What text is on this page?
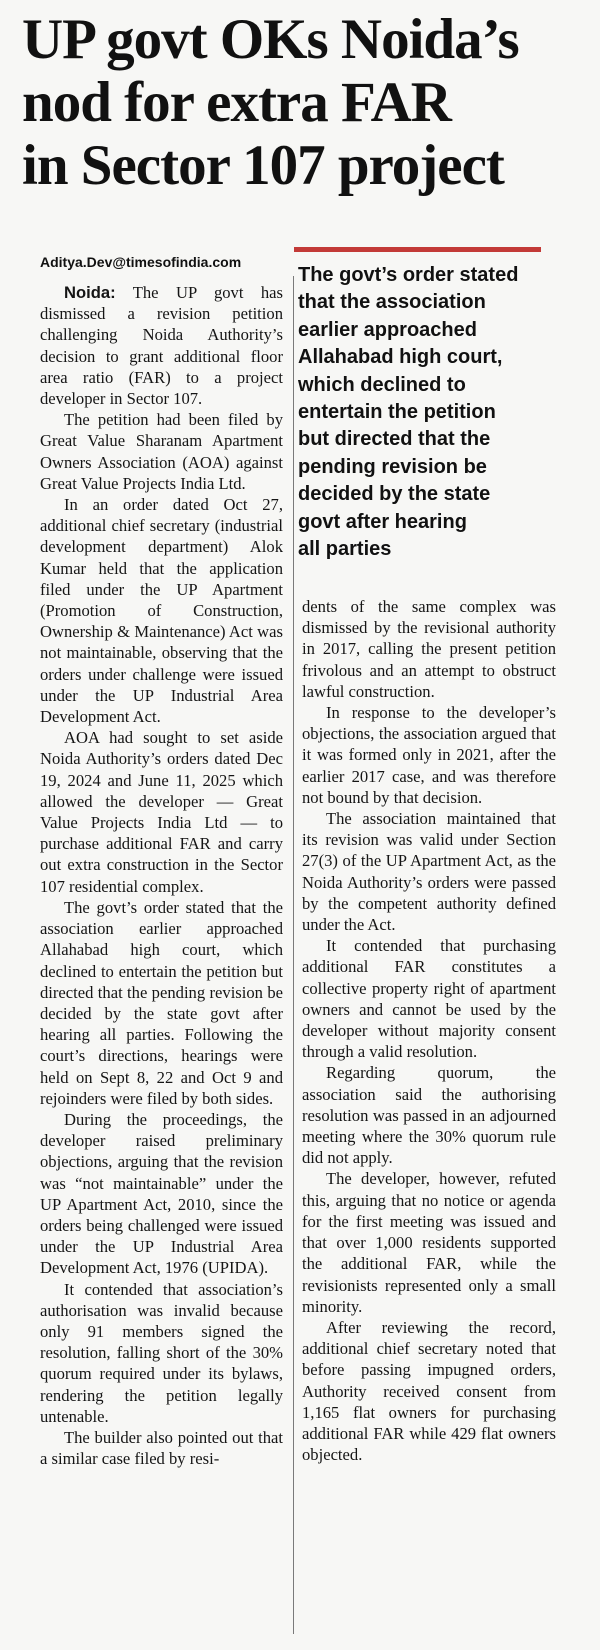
UP govt OKs Noida’s
nod for extra FAR
in Sector 107 project
Aditya.Dev@timesofindia.com
The govt’s order stated
that the association
earlier approached
Allahabad high court,
which declined to
entertain the petition
but directed that the
pending revision be
decided by the state
govt after hearing
all parties

Noida: The UP govt has dismissed a revision petition challenging Noida Authority’s decision to grant additional floor area ratio (FAR) to a project developer in Sector 107.

The petition had been filed by Great Value Sharanam Apartment Owners Association (AOA) against Great Value Projects India Ltd.

In an order dated Oct 27, additional chief secretary (industrial development department) Alok Kumar held that the application filed under the UP Apartment (Promotion of Construction, Ownership & Maintenance) Act was not maintainable, observing that the orders under challenge were issued under the UP Industrial Area Development Act.

AOA had sought to set aside Noida Authority’s orders dated Dec 19, 2024 and June 11, 2025 which allowed the developer — Great Value Projects India Ltd — to purchase additional FAR and carry out extra construction in the Sector 107 residential complex.

The govt’s order stated that the association earlier approached Allahabad high court, which declined to entertain the petition but directed that the pending revision be decided by the state govt after hearing all parties. Following the court’s directions, hearings were held on Sept 8, 22 and Oct 9 and rejoinders were filed by both sides.

During the proceedings, the developer raised preliminary objections, arguing that the revision was “not maintainable” under the UP Apartment Act, 2010, since the orders being challenged were issued under the UP Industrial Area Development Act, 1976 (UPIDA).

It contended that association’s authorisation was invalid because only 91 members signed the resolution, falling short of the 30% quorum required under its bylaws, rendering the petition legally untenable.

The builder also pointed out that a similar case filed by resi-

dents of the same complex was dismissed by the revisional authority in 2017, calling the present petition frivolous and an attempt to obstruct lawful construction.

In response to the developer’s objections, the association argued that it was formed only in 2021, after the earlier 2017 case, and was therefore not bound by that decision.

The association maintained that its revision was valid under Section 27(3) of the UP Apartment Act, as the Noida Authority’s orders were passed by the competent authority defined under the Act.

It contended that purchasing additional FAR constitutes a collective property right of apartment owners and cannot be used by the developer without majority consent through a valid resolution.

Regarding quorum, the association said the authorising resolution was passed in an adjourned meeting where the 30% quorum rule did not apply.

The developer, however, refuted this, arguing that no notice or agenda for the first meeting was issued and that over 1,000 residents supported the additional FAR, while the revisionists represented only a small minority.

After reviewing the record, additional chief secretary noted that before passing impugned orders, Authority received consent from 1,165 flat owners for purchasing additional FAR while 429 flat owners objected.
